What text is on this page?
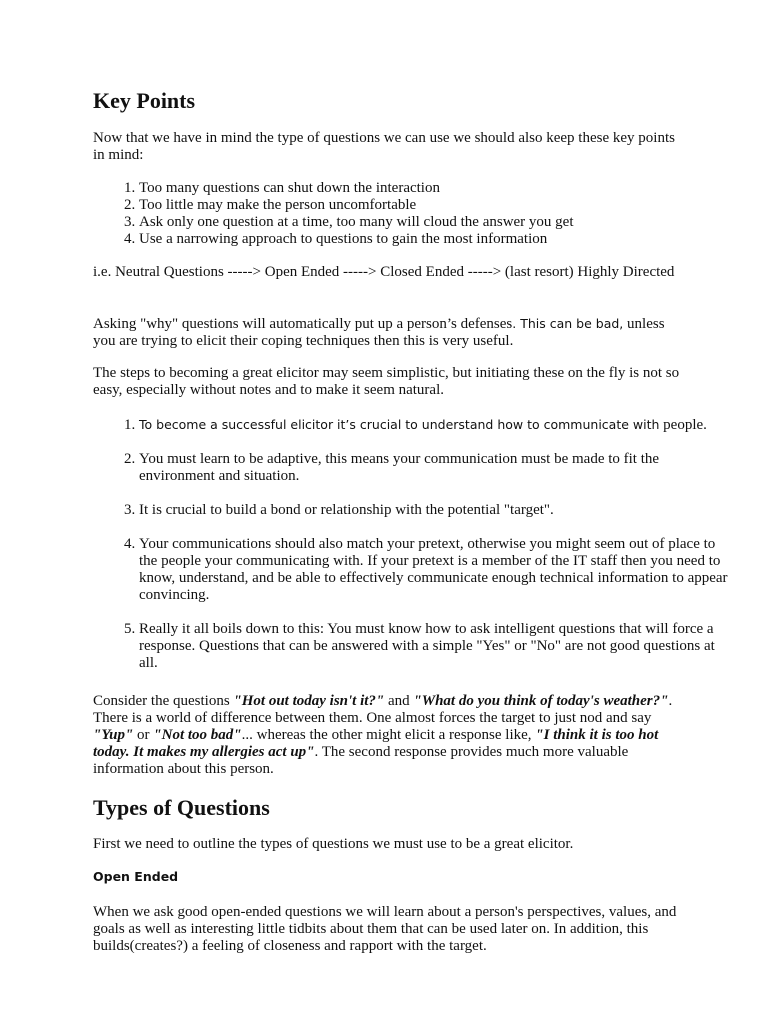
Key Points

Now that we have in mind the type of questions we can use we should also keep these key points in mind:

1. Too many questions can shut down the interaction
2. Too little may make the person uncomfortable
3. Ask only one question at a time, too many will cloud the answer you get
4. Use a narrowing approach to questions to gain the most information

i.e. Neutral Questions -----> Open Ended -----> Closed Ended -----> (last resort) Highly Directed

Asking "why" questions will automatically put up a person’s defenses. This can be bad, unless you are trying to elicit their coping techniques then this is very useful.

The steps to becoming a great elicitor may seem simplistic, but initiating these on the fly is not so easy, especially without notes and to make it seem natural.

1. To become a successful elicitor it’s crucial to understand how to communicate with people.
2. You must learn to be adaptive, this means your communication must be made to fit the environment and situation.
3. It is crucial to build a bond or relationship with the potential "target".
4. Your communications should also match your pretext, otherwise you might seem out of place to the people your communicating with. If your pretext is a member of the IT staff then you need to know, understand, and be able to effectively communicate enough technical information to appear convincing.
5. Really it all boils down to this: You must know how to ask intelligent questions that will force a response. Questions that can be answered with a simple "Yes" or "No" are not good questions at all.

Consider the questions "Hot out today isn't it?" and "What do you think of today's weather?". There is a world of difference between them. One almost forces the target to just nod and say "Yup" or "Not too bad"... whereas the other might elicit a response like, "I think it is too hot today. It makes my allergies act up". The second response provides much more valuable information about this person.

Types of Questions

First we need to outline the types of questions we must use to be a great elicitor.

Open Ended

When we ask good open-ended questions we will learn about a person's perspectives, values, and goals as well as interesting little tidbits about them that can be used later on. In addition, this builds(creates?) a feeling of closeness and rapport with the target.
